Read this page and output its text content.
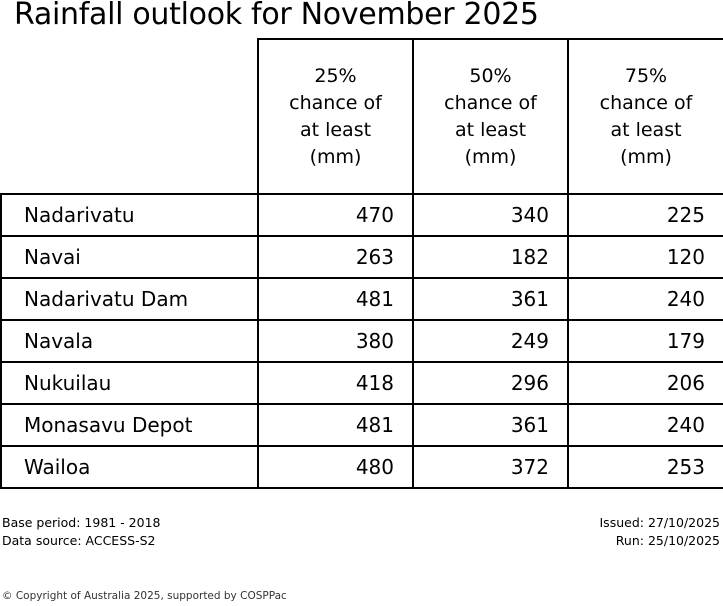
Rainfall outlook for November 2025

25%
chance of
at least
(mm)

50%
chance of
at least
(mm)

75%
chance of
at least
(mm)

Nadarivatu	470	340	225
Navai	263	182	120
Nadarivatu Dam	481	361	240
Navala	380	249	179
Nukuilau	418	296	206
Monasavu Depot	481	361	240
Wailoa	480	372	253
Base period: 1981 - 2018
Data source: ACCESS-S2
Issued: 27/10/2025
Run: 25/10/2025
© Copyright of Australia 2025, supported by COSPPac
